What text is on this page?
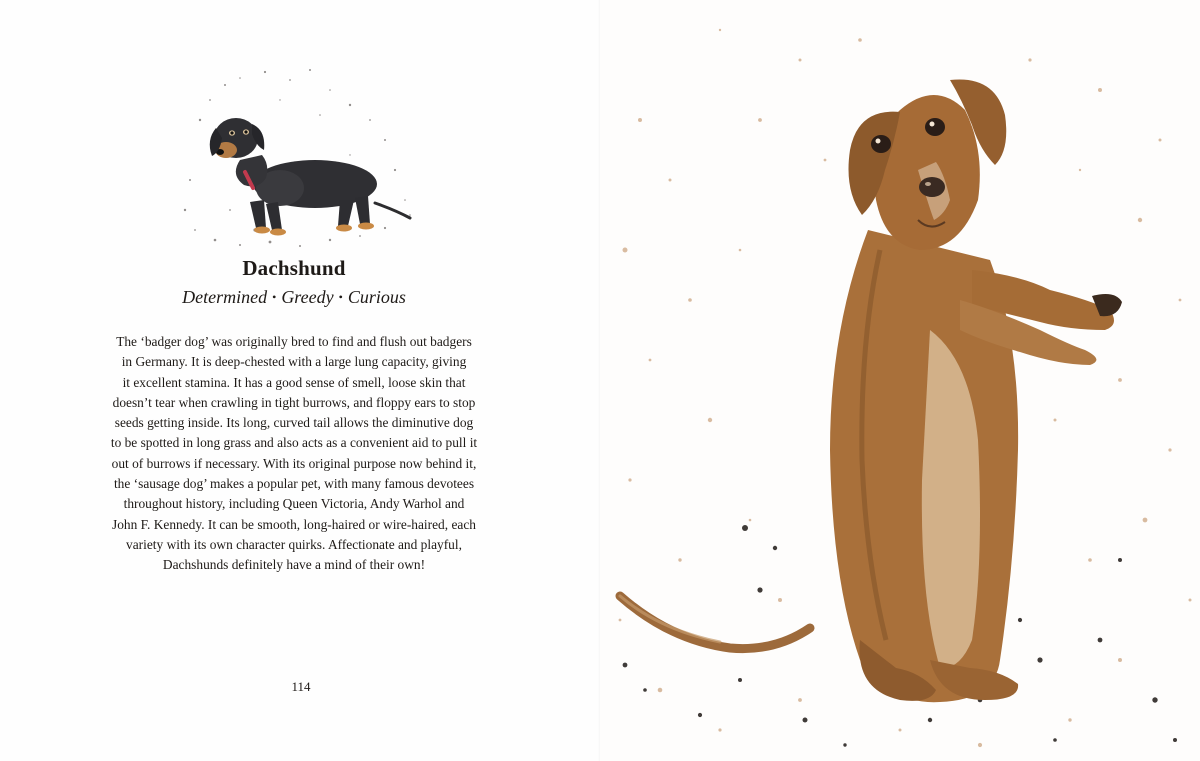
Dachshund
Determined • Greedy • Curious
The ‘badger dog’ was originally bred to find and flush out badgers
in Germany. It is deep-chested with a large lung capacity, giving
it excellent stamina. It has a good sense of smell, loose skin that
doesn’t tear when crawling in tight burrows, and floppy ears to stop
seeds getting inside. Its long, curved tail allows the diminutive dog
to be spotted in long grass and also acts as a convenient aid to pull it
out of burrows if necessary. With its original purpose now behind it,
the ‘sausage dog’ makes a popular pet, with many famous devotees
throughout history, including Queen Victoria, Andy Warhol and
John F. Kennedy. It can be smooth, long-haired or wire-haired, each
variety with its own character quirks. Affectionate and playful,
Dachshunds definitely have a mind of their own!
114
